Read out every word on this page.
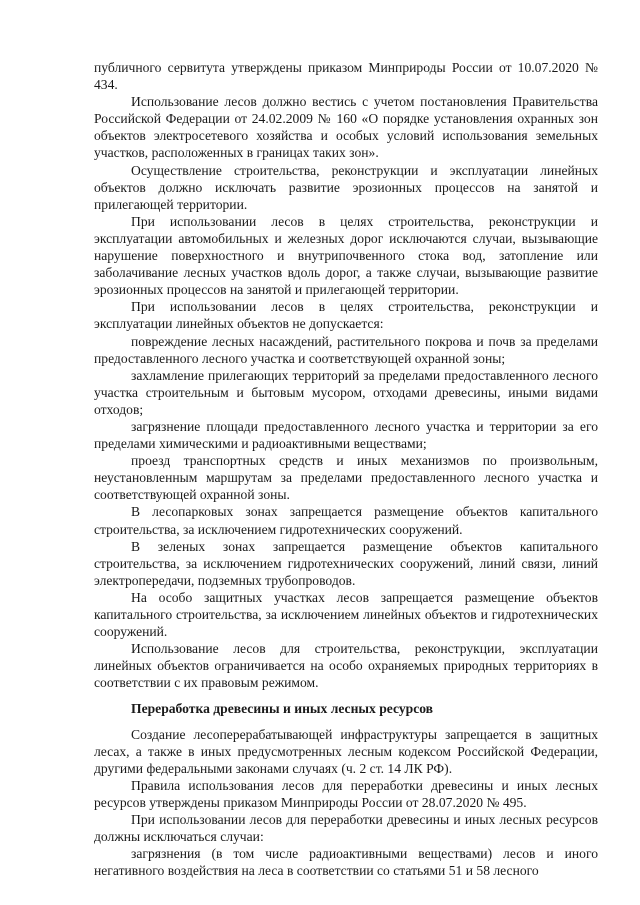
публичного сервитута утверждены приказом Минприроды России от 10.07.2020 № 434.

Использование лесов должно вестись с учетом постановления Правительства Российской Федерации от 24.02.2009 № 160 «О порядке установления охранных зон объектов электросетевого хозяйства и особых условий использования земельных участков, расположенных в границах таких зон».

Осуществление строительства, реконструкции и эксплуатации линейных объектов должно исключать развитие эрозионных процессов на занятой и прилегающей территории.

При использовании лесов в целях строительства, реконструкции и эксплуатации автомобильных и железных дорог исключаются случаи, вызывающие нарушение поверхностного и внутрипочвенного стока вод, затопление или заболачивание лесных участков вдоль дорог, а также случаи, вызывающие развитие эрозионных процессов на занятой и прилегающей территории.

При использовании лесов в целях строительства, реконструкции и эксплуатации линейных объектов не допускается:

повреждение лесных насаждений, растительного покрова и почв за пределами предоставленного лесного участка и соответствующей охранной зоны;

захламление прилегающих территорий за пределами предоставленного лесного участка строительным и бытовым мусором, отходами древесины, иными видами отходов;

загрязнение площади предоставленного лесного участка и территории за его пределами химическими и радиоактивными веществами;

проезд транспортных средств и иных механизмов по произвольным, неустановленным маршрутам за пределами предоставленного лесного участка и соответствующей охранной зоны.

В лесопарковых зонах запрещается размещение объектов капитального строительства, за исключением гидротехнических сооружений.

В зеленых зонах запрещается размещение объектов капитального строительства, за исключением гидротехнических сооружений, линий связи, линий электропередачи, подземных трубопроводов.

На особо защитных участках лесов запрещается размещение объектов капитального строительства, за исключением линейных объектов и гидротехнических сооружений.

Использование лесов для строительства, реконструкции, эксплуатации линейных объектов ограничивается на особо охраняемых природных территориях в соответствии с их правовым режимом.

Переработка древесины и иных лесных ресурсов

Создание лесоперерабатывающей инфраструктуры запрещается в защитных лесах, а также в иных предусмотренных лесным кодексом Российской Федерации, другими федеральными законами случаях (ч. 2 ст. 14 ЛК РФ).

Правила использования лесов для переработки древесины и иных лесных ресурсов утверждены приказом Минприроды России от 28.07.2020 № 495.

При использовании лесов для переработки древесины и иных лесных ресурсов должны исключаться случаи:

загрязнения (в том числе радиоактивными веществами) лесов и иного негативного воздействия на леса в соответствии со статьями 51 и 58 лесного
